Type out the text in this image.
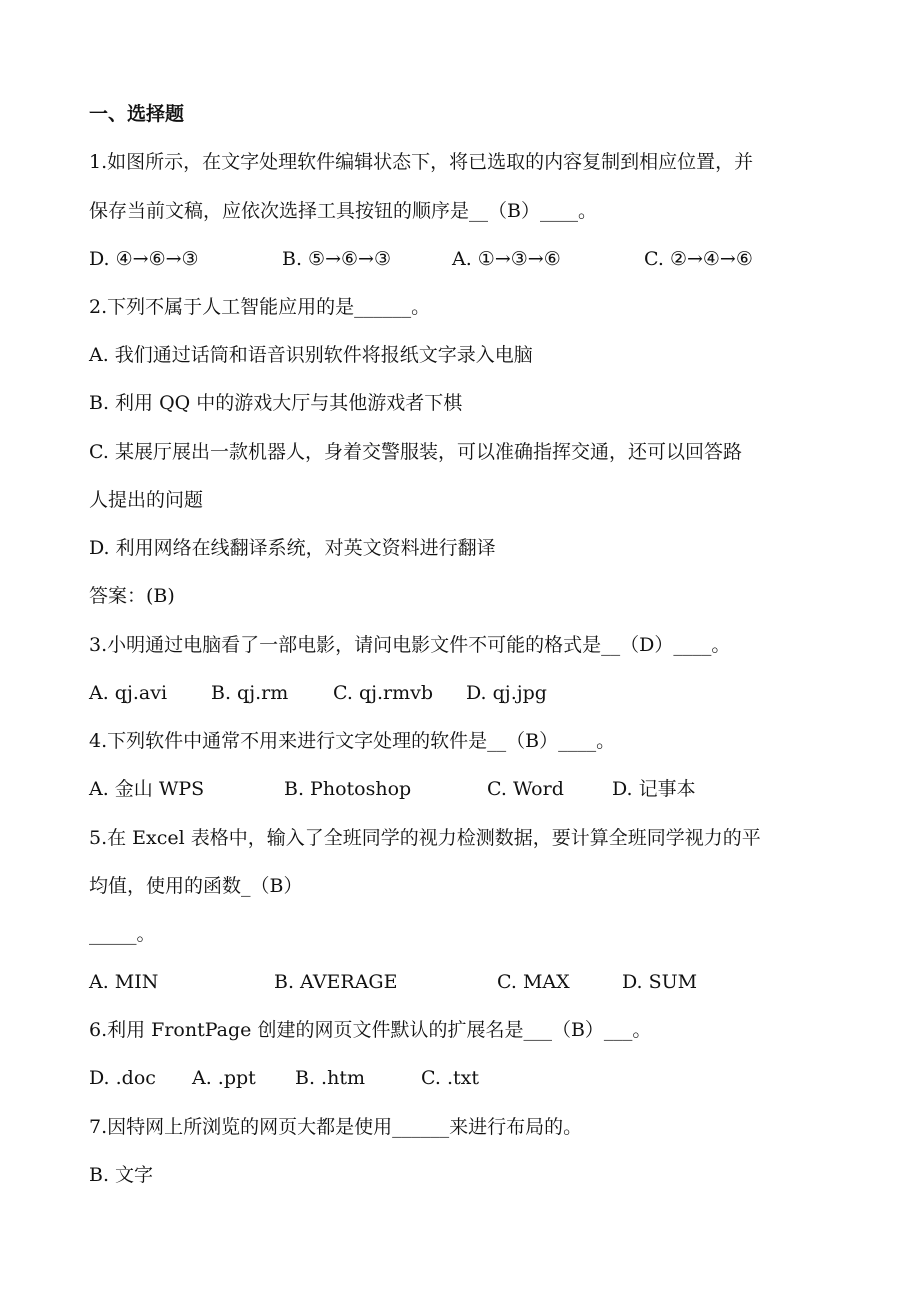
一、选择题
1.如图所示，在文字处理软件编辑状态下，将已选取的内容复制到相应位置，并
保存当前文稿，应依次选择工具按钮的顺序是__（B）____。
D. ④→⑥→③	B. ⑤→⑥→③	A. ①→③→⑥	C. ②→④→⑥
2.下列不属于人工智能应用的是______。
A. 我们通过话筒和语音识别软件将报纸文字录入电脑
B. 利用 QQ 中的游戏大厅与其他游戏者下棋
C. 某展厅展出一款机器人，身着交警服装，可以准确指挥交通，还可以回答路
人提出的问题
D. 利用网络在线翻译系统，对英文资料进行翻译
答案：(B)
3.小明通过电脑看了一部电影，请问电影文件不可能的格式是__（D）____。
A. qj.avi B. qj.rm C. qj.rmvb D. qj.jpg
4.下列软件中通常不用来进行文字处理的软件是__（B）____。
A. 金山 WPS	B. Photoshop	C. Word	D. 记事本
5.在 Excel 表格中，输入了全班同学的视力检测数据，要计算全班同学视力的平
均值，使用的函数_（B）
_____。
A. MIN	B. AVERAGE	C. MAX	D. SUM
6.利用 FrontPage 创建的网页文件默认的扩展名是___（B）___。
D. .doc A. .ppt B. .htm	C. .txt
7.因特网上所浏览的网页大都是使用______来进行布局的。
B. 文字
